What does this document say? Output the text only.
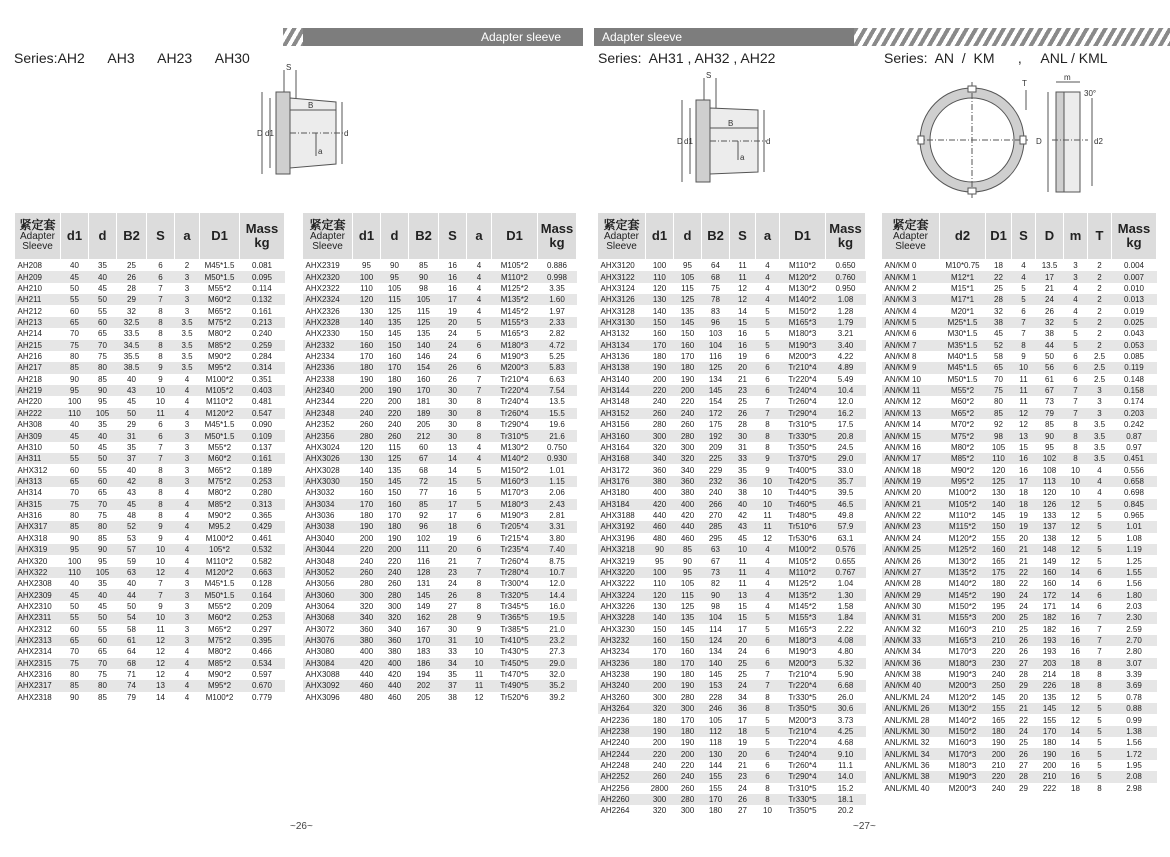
Adapter sleeve	Adapter sleeve
Series:AH2      AH3      AH23      AH30	Series:  AH31 , AH32 , AH22	Series:  AN  /  KM      ,     ANL / KML
S
B
D d1	d
a
S
B
D d1	d
a
D	d2
m
T
30°
紧定套
Adapter
Sleeve	d1	d	B2	S	a	D1	Mass
kg
AH208	40	35	25	6	2	M45*1.5	0.081
AH209	45	40	26	6	3	M50*1.5	0.095
AH210	50	45	28	7	3	M55*2	0.114
AH211	55	50	29	7	3	M60*2	0.132
AH212	60	55	32	8	3	M65*2	0.161
AH213	65	60	32.5	8	3.5	M75*2	0.213
AH214	70	65	33.5	8	3.5	M80*2	0.240
AH215	75	70	34.5	8	3.5	M85*2	0.259
AH216	80	75	35.5	8	3.5	M90*2	0.284
AH217	85	80	38.5	9	3.5	M95*2	0.314
AH218	90	85	40	9	4	M100*2	0.351
AH219	95	90	43	10	4	M105*2	0.403
AH220	100	95	45	10	4	M110*2	0.481
AH222	110	105	50	11	4	M120*2	0.547
AH308	40	35	29	6	3	M45*1.5	0.090
AH309	45	40	31	6	3	M50*1.5	0.109
AH310	50	45	35	7	3	M55*2	0.137
AH311	55	50	37	7	3	M60*2	0.161
AHX312	60	55	40	8	3	M65*2	0.189
AH313	65	60	42	8	3	M75*2	0.253
AH314	70	65	43	8	4	M80*2	0.280
AH315	75	70	45	8	4	M85*2	0.313
AH316	80	75	48	8	4	M90*2	0.365
AHX317	85	80	52	9	4	M95.2	0.429
AHX318	90	85	53	9	4	M100*2	0.461
AHX319	95	90	57	10	4	105*2	0.532
AHX320	100	95	59	10	4	M110*2	0.582
AHX322	110	105	63	12	4	M120*2	0.663
AHX2308	40	35	40	7	3	M45*1.5	0.128
AHX2309	45	40	44	7	3	M50*1.5	0.164
AHX2310	50	45	50	9	3	M55*2	0.209
AHX2311	55	50	54	10	3	M60*2	0.253
AHX2312	60	55	58	11	3	M65*2	0.297
AHX2313	65	60	61	12	3	M75*2	0.395
AHX2314	70	65	64	12	4	M80*2	0.466
AHX2315	75	70	68	12	4	M85*2	0.534
AHX2316	80	75	71	12	4	M90*2	0.597
AHX2317	85	80	74	13	4	M95*2	0.670
AHX2318	90	85	79	14	4	M100*2	0.779
紧定套
Adapter
Sleeve	d1	d	B2	S	a	D1	Mass
kg
AHX2319	95	90	85	16	4	M105*2	0.886
AHX2320	100	95	90	16	4	M110*2	0.998
AHX2322	110	105	98	16	4	M125*2	3.35
AHX2324	120	115	105	17	4	M135*2	1.60
AHX2326	130	125	115	19	4	M145*2	1.97
AHX2328	140	135	125	20	5	M155*3	2.33
AHX2330	150	145	135	24	5	M165*3	2.82
AH2332	160	150	140	24	6	M180*3	4.72
AH2334	170	160	146	24	6	M190*3	5.25
AH2336	180	170	154	26	6	M200*3	5.83
AH2338	190	180	160	26	7	Tr210*4	6.63
AH2340	200	190	170	30	7	Tr220*4	7.54
AH2344	220	200	181	30	8	Tr240*4	13.5
AH2348	240	220	189	30	8	Tr260*4	15.5
AH2352	260	240	205	30	8	Tr290*4	19.6
AH2356	280	260	212	30	8	Tr310*5	21.6
AHX3024	120	115	60	13	4	M130*2	0.750
AHX3026	130	125	67	14	4	M140*2	0.930
AHX3028	140	135	68	14	5	M150*2	1.01
AHX3030	150	145	72	15	5	M160*3	1.15
AH3032	160	150	77	16	5	M170*3	2.06
AH3034	170	160	85	17	5	M180*3	2.43
AH3036	180	170	92	17	6	M190*3	2.81
AH3038	190	180	96	18	6	Tr205*4	3.31
AH3040	200	190	102	19	6	Tr215*4	3.80
AH3044	220	200	111	20	6	Tr235*4	7.40
AH3048	240	220	116	21	7	Tr260*4	8.75
AH3052	260	240	128	23	7	Tr280*4	10.7
AH3056	280	260	131	24	8	Tr300*4	12.0
AH3060	300	280	145	26	8	Tr320*5	14.4
AH3064	320	300	149	27	8	Tr345*5	16.0
AH3068	340	320	162	28	9	Tr365*5	19.5
AH3072	360	340	167	30	9	Tr385*5	21.0
AH3076	380	360	170	31	10	Tr410*5	23.2
AH3080	400	380	183	33	10	Tr430*5	27.3
AH3084	420	400	186	34	10	Tr450*5	29.0
AHX3088	440	420	194	35	11	Tr470*5	32.0
AHX3092	460	440	202	37	11	Tr490*5	35.2
AHX3096	480	460	205	38	12	Tr520*6	39.2
紧定套
Adapter
Sleeve	d1	d	B2	S	a	D1	Mass
kg
AHX3120	100	95	64	11	4	M110*2	0.650
AHX3122	110	105	68	11	4	M120*2	0.760
AHX3124	120	115	75	12	4	M130*2	0.950
AHX3126	130	125	78	12	4	M140*2	1.08
AHX3128	140	135	83	14	5	M150*2	1.28
AHX3130	150	145	96	15	5	M165*3	1.79
AH3132	160	150	103	16	5	M180*3	3.21
AH3134	170	160	104	16	5	M190*3	3.40
AH3136	180	170	116	19	6	M200*3	4.22
AH3138	190	180	125	20	6	Tr210*4	4.89
AH3140	200	190	134	21	6	Tr220*4	5.49
AH3144	220	200	145	23	6	Tr240*4	10.4
AH3148	240	220	154	25	7	Tr260*4	12.0
AH3152	260	240	172	26	7	Tr290*4	16.2
AH3156	280	260	175	28	8	Tr310*5	17.5
AH3160	300	280	192	30	8	Tr330*5	20.8
AH3164	320	300	209	31	8	Tr350*5	24.5
AH3168	340	320	225	33	9	Tr370*5	29.0
AH3172	360	340	229	35	9	Tr400*5	33.0
AH3176	380	360	232	36	10	Tr420*5	35.7
AH3180	400	380	240	38	10	Tr440*5	39.5
AH3184	420	400	266	40	10	Tr460*5	46.5
AHX3188	440	420	270	42	11	Tr480*5	49.8
AHX3192	460	440	285	43	11	Tr510*6	57.9
AHX3196	480	460	295	45	12	Tr530*6	63.1
AHX3218	90	85	63	10	4	M100*2	0.576
AHX3219	95	90	67	11	4	M105*2	0.655
AHX3220	100	95	73	11	4	M110*2	0.767
AHX3222	110	105	82	11	4	M125*2	1.04
AHX3224	120	115	90	13	4	M135*2	1.30
AHX3226	130	125	98	15	4	M145*2	1.58
AHX3228	140	135	104	15	5	M155*3	1.84
AHX3230	150	145	114	17	5	M165*3	2.22
AH3232	160	150	124	20	6	M180*3	4.08
AH3234	170	160	134	24	6	M190*3	4.80
AH3236	180	170	140	25	6	M200*3	5.32
AH3238	190	180	145	25	7	Tr210*4	5.90
AH3240	200	190	153	24	7	Tr220*4	6.68
AH3260	300	280	228	34	8	Tr330*5	26.0
AH3264	320	300	246	36	8	Tr350*5	30.6
AH2236	180	170	105	17	5	M200*3	3.73
AH2238	190	180	112	18	5	Tr210*4	4.25
AH2240	200	190	118	19	5	Tr220*4	4.68
AH2244	220	200	130	20	6	Tr240*4	9.10
AH2248	240	220	144	21	6	Tr260*4	11.1
AH2252	260	240	155	23	6	Tr290*4	14.0
AH2256	2800	260	155	24	8	Tr310*5	15.2
AH2260	300	280	170	26	8	Tr330*5	18.1
AH2264	320	300	180	27	10	Tr350*5	20.2
紧定套
Adapter
Sleeve	d2	D1	S	D	m	T	Mass
kg
AN/KM 0	M10*0.75	18	4	13.5	3	2	0.004
AN/KM 1	M12*1	22	4	17	3	2	0.007
AN/KM 2	M15*1	25	5	21	4	2	0.010
AN/KM 3	M17*1	28	5	24	4	2	0.013
AN/KM 4	M20*1	32	6	26	4	2	0.019
AN/KM 5	M25*1.5	38	7	32	5	2	0.025
AN/KM 6	M30*1.5	45	7	38	5	2	0.043
AN/KM 7	M35*1.5	52	8	44	5	2	0.053
AN/KM 8	M40*1.5	58	9	50	6	2.5	0.085
AN/KM 9	M45*1.5	65	10	56	6	2.5	0.119
AN/KM 10	M50*1.5	70	11	61	6	2.5	0.148
AN/KM 11	M55*2	75	11	67	7	3	0.158
AN/KM 12	M60*2	80	11	73	7	3	0.174
AN/KM 13	M65*2	85	12	79	7	3	0.203
AN/KM 14	M70*2	92	12	85	8	3.5	0.242
AN/KM 15	M75*2	98	13	90	8	3.5	0.87
AN/KM 16	M80*2	105	15	95	8	3.5	0.97
AN/KM 17	M85*2	110	16	102	8	3.5	0.451
AN/KM 18	M90*2	120	16	108	10	4	0.556
AN/KM 19	M95*2	125	17	113	10	4	0.658
AN/KM 20	M100*2	130	18	120	10	4	0.698
AN/KM 21	M105*2	140	18	126	12	5	0.845
AN/KM 22	M110*2	145	19	133	12	5	0.965
AN/KM 23	M115*2	150	19	137	12	5	1.01
AN/KM 24	M120*2	155	20	138	12	5	1.08
AN/KM 25	M125*2	160	21	148	12	5	1.19
AN/KM 26	M130*2	165	21	149	12	5	1.25
AN/KM 27	M135*2	175	22	160	14	6	1.55
AN/KM 28	M140*2	180	22	160	14	6	1.56
AN/KM 29	M145*2	190	24	172	14	6	1.80
AN/KM 30	M150*2	195	24	171	14	6	2.03
AN/KM 31	M155*3	200	25	182	16	7	2.30
AN/KM 32	M160*3	210	25	182	16	7	2.59
AN/KM 33	M165*3	210	26	193	16	7	2.70
AN/KM 34	M170*3	220	26	193	16	7	2.80
AN/KM 36	M180*3	230	27	203	18	8	3.07
AN/KM 38	M190*3	240	28	214	18	8	3.39
AN/KM 40	M200*3	250	29	226	18	8	3.69
ANL/KML 24	M120*2	145	20	135	12	5	0.78
ANL/KML 26	M130*2	155	21	145	12	5	0.88
ANL/KML 28	M140*2	165	22	155	12	5	0.99
ANL/KML 30	M150*2	180	24	170	14	5	1.38
ANL/KML 32	M160*3	190	25	180	14	5	1.56
ANL/KML 34	M170*3	200	26	190	16	5	1.72
ANL/KML 36	M180*3	210	27	200	16	5	1.95
ANL/KML 38	M190*3	220	28	210	16	5	2.08
ANL/KML 40	M200*3	240	29	222	18	8	2.98
~26~	~27~
